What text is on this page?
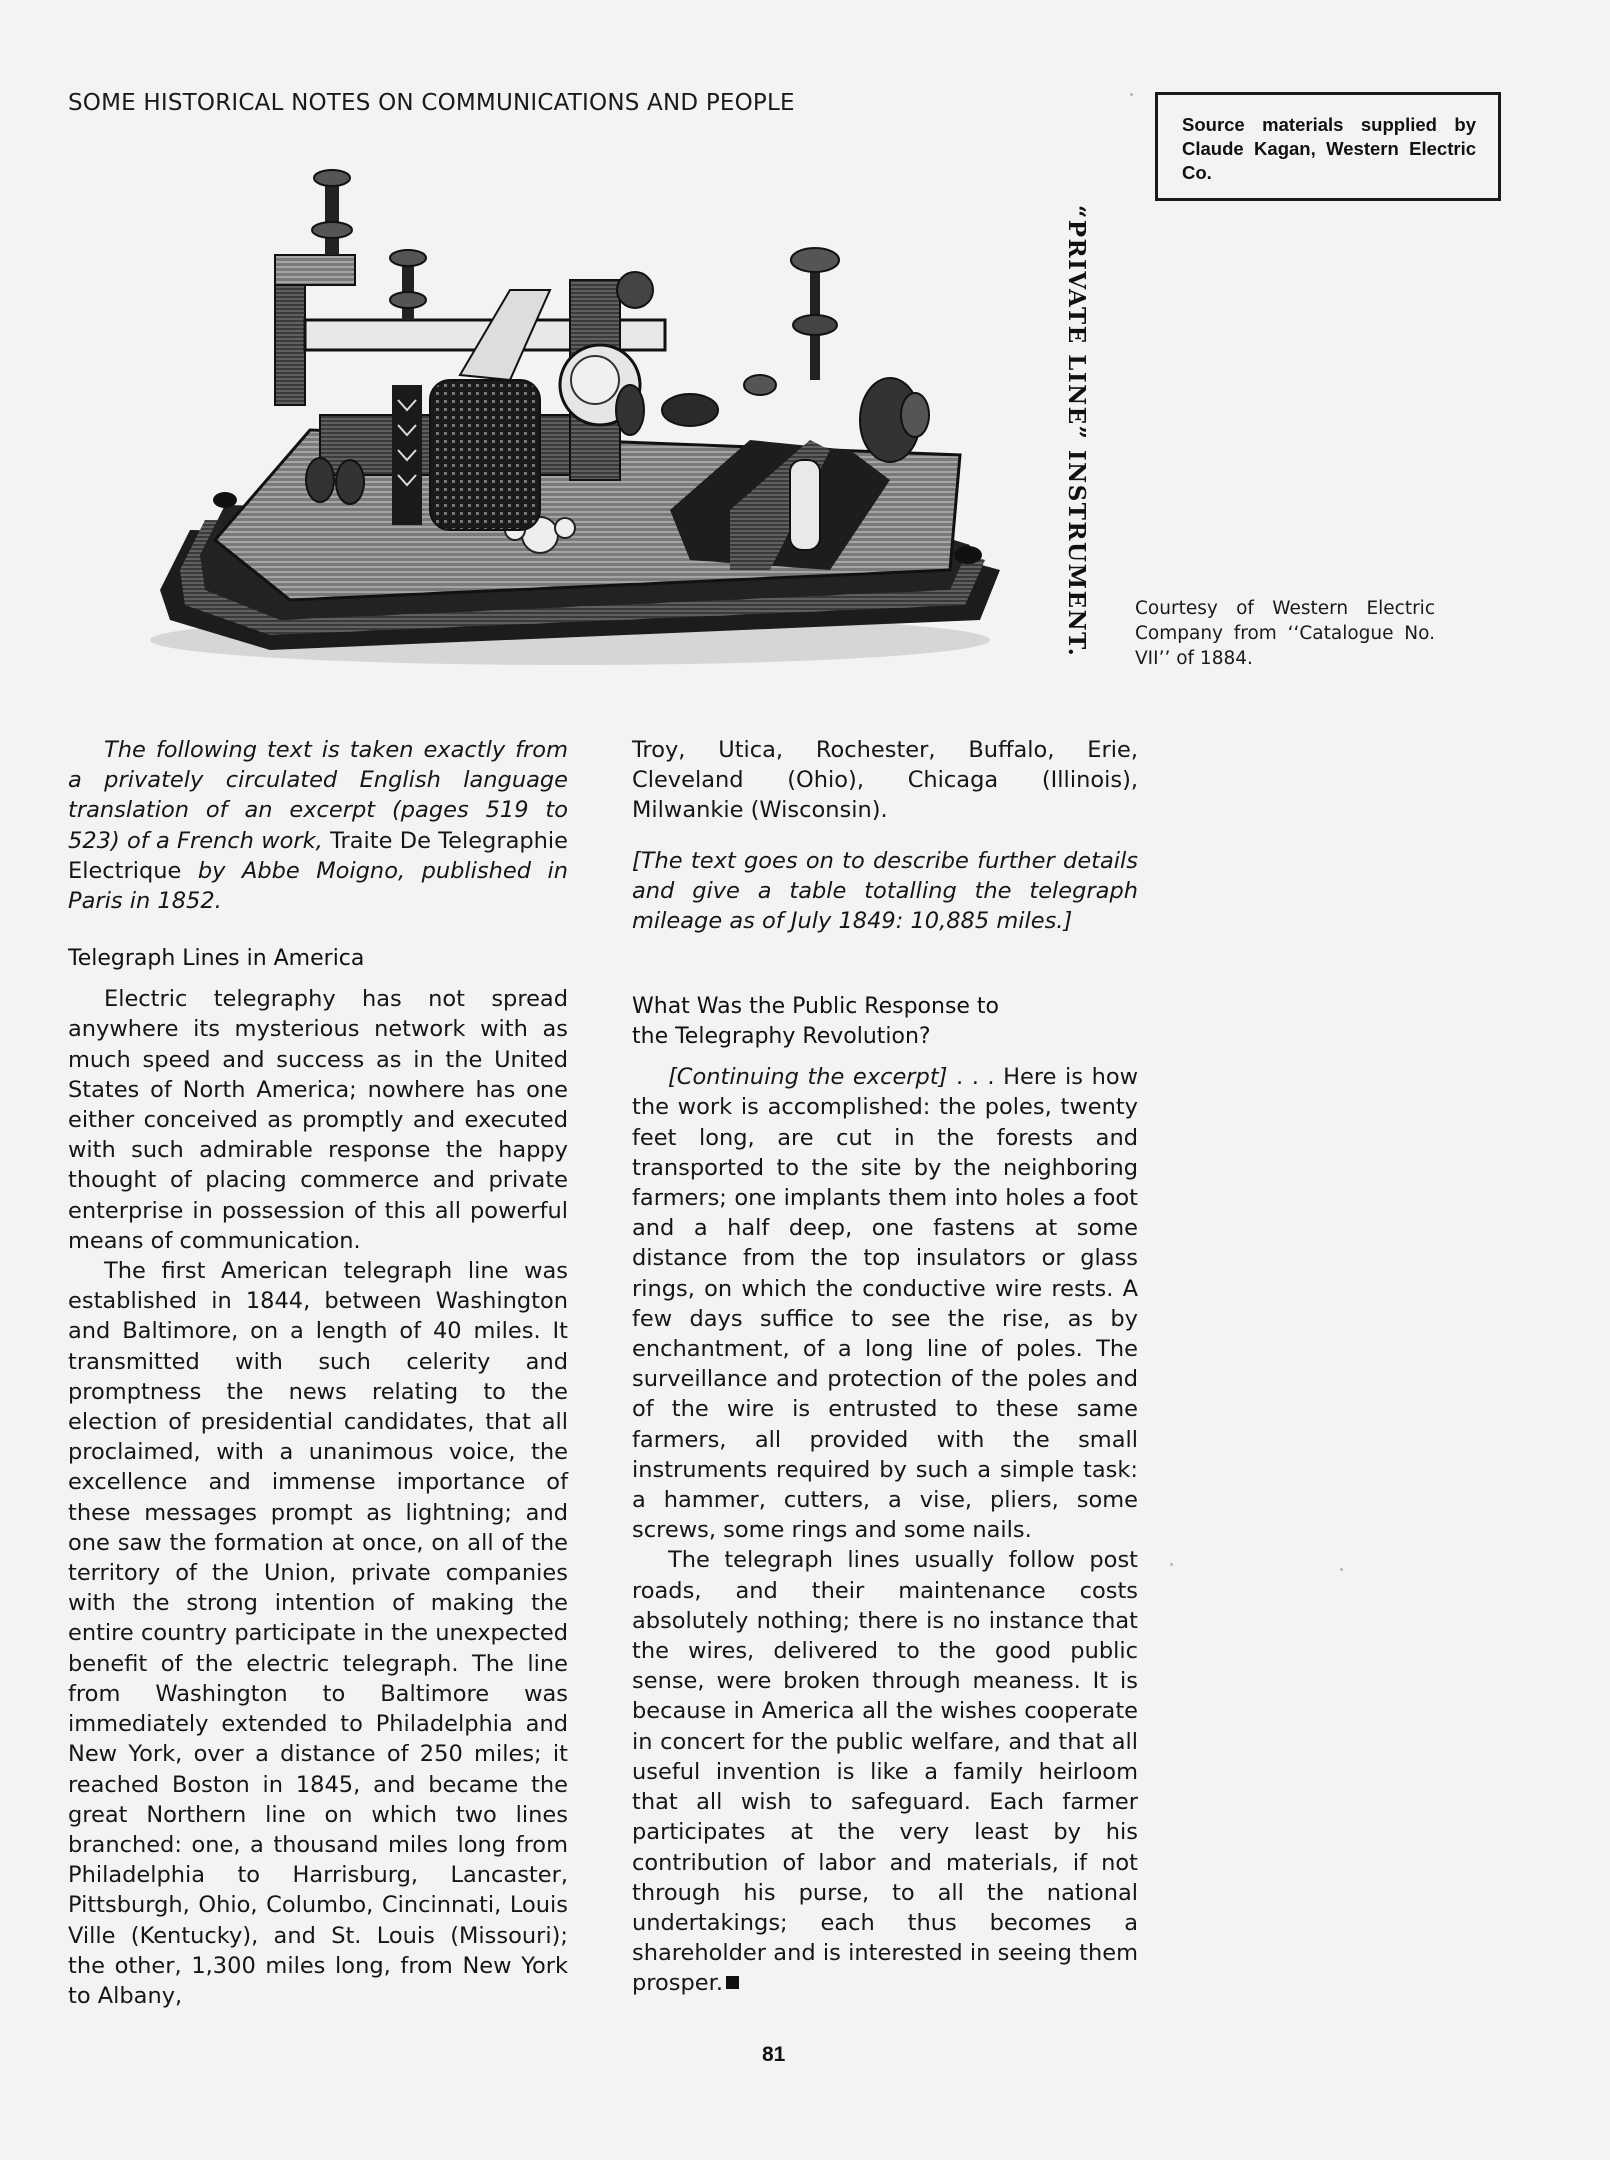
SOME HISTORICAL NOTES ON COMMUNICATIONS AND PEOPLE
Source materials supplied by Claude Kagan, Western Electric Co.
“PRIVATE LINE” INSTRUMENT. Courtesy of Western Electric Company from ‘‘Catalogue No. VII’’ of 1884.

The following text is taken exactly from a privately circulated English language translation of an excerpt (pages 519 to 523) of a French work, Traite De Telegraphie Electrique by Abbe Moigno, published in Paris in 1852.

Telegraph Lines in America

Electric telegraphy has not spread anywhere its mysterious network with as much speed and success as in the United States of North America; nowhere has one either conceived as promptly and executed with such admirable response the happy thought of placing commerce and private enterprise in possession of this all powerful means of communication.

The first American telegraph line was established in 1844, between Washington and Baltimore, on a length of 40 miles. It transmitted with such celerity and promptness the news relating to the election of presidential candidates, that all proclaimed, with a unanimous voice, the excellence and immense importance of these messages prompt as lightning; and one saw the formation at once, on all of the territory of the Union, private companies with the strong intention of making the entire country participate in the unexpected benefit of the electric telegraph. The line from Washington to Baltimore was immediately extended to Philadelphia and New York, over a distance of 250 miles; it reached Boston in 1845, and became the great Northern line on which two lines branched: one, a thousand miles long from Philadelphia to Harrisburg, Lancaster, Pittsburgh, Ohio, Columbo, Cincinnati, Louis Ville (Kentucky), and St. Louis (Missouri); the other, 1,300 miles long, from New York to Albany,

Troy, Utica, Rochester, Buffalo, Erie, Cleveland (Ohio), Chicaga (Illinois), Milwankie (Wisconsin).

[The text goes on to describe further details and give a table totalling the telegraph mileage as of July 1849: 10,885 miles.]

What Was the Public Response to
the Telegraphy Revolution?

[Continuing the excerpt] . . . Here is how the work is accomplished: the poles, twenty feet long, are cut in the forests and transported to the site by the neighboring farmers; one implants them into holes a foot and a half deep, one fastens at some distance from the top insulators or glass rings, on which the conductive wire rests. A few days suffice to see the rise, as by enchantment, of a long line of poles. The surveillance and protection of the poles and of the wire is entrusted to these same farmers, all provided with the small instruments required by such a simple task: a hammer, cutters, a vise, pliers, some screws, some rings and some nails.

The telegraph lines usually follow post roads, and their maintenance costs absolutely nothing; there is no instance that the wires, delivered to the good public sense, were broken through meaness. It is because in America all the wishes cooperate in concert for the public welfare, and that all useful invention is like a family heirloom that all wish to safeguard. Each farmer participates at the very least by his contribution of labor and materials, if not through his purse, to all the national undertakings; each thus becomes a shareholder and is interested in seeing them prosper.

81
